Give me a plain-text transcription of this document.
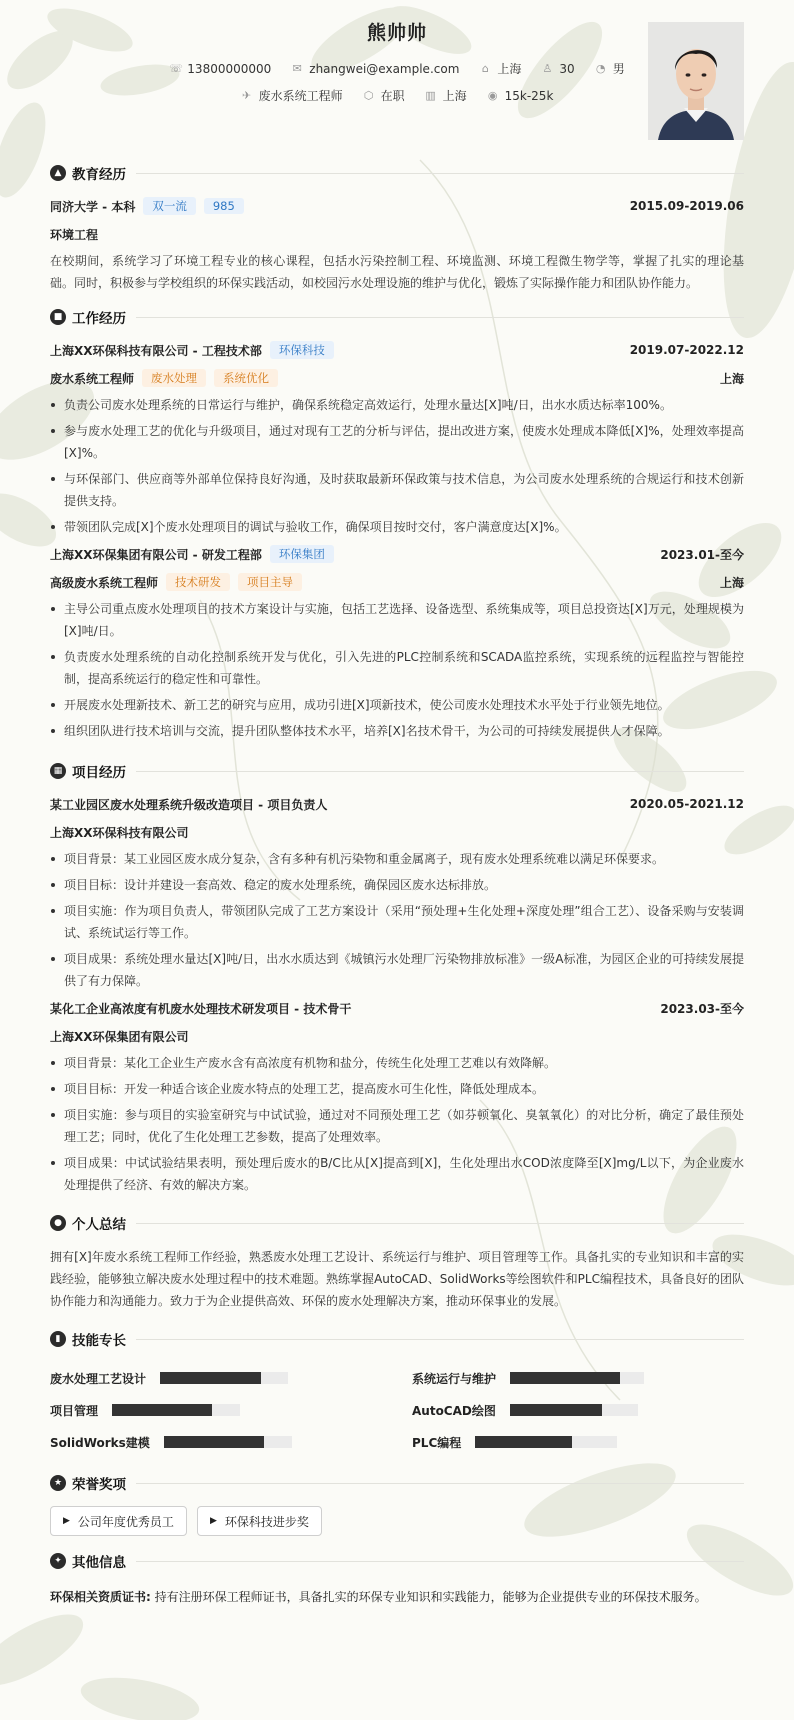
熊帅帅
☏ 13800000000 ✉ zhangwei@example.com ⌂ 上海 ♙ 30 ◔ 男
✈ 废水系统工程师 ⬡ 在职 ▥ 上海 ◉ 15k-25k
▲ 教育经历
同济大学 - 本科	双一流	985	2015.09-2019.06
环境工程

在校期间，系统学习了环境工程专业的核心课程，包括水污染控制工程、环境监测、环境工程微生物学等，掌握了扎实的理论基础。同时，积极参与学校组织的环保实践活动，如校园污水处理设施的维护与优化，锻炼了实际操作能力和团队协作能力。

■ 工作经历
上海XX环保科技有限公司 - 工程技术部	环保科技	2019.07-2022.12
废水系统工程师	废水处理	系统优化	上海
负责公司废水处理系统的日常运行与维护，确保系统稳定高效运行，处理水量达[X]吨/日，出水水质达标率100%。
参与废水处理工艺的优化与升级项目，通过对现有工艺的分析与评估，提出改进方案，使废水处理成本降低[X]%，处理效率提高[X]%。
与环保部门、供应商等外部单位保持良好沟通，及时获取最新环保政策与技术信息，为公司废水处理系统的合规运行和技术创新提供支持。
带领团队完成[X]个废水处理项目的调试与验收工作，确保项目按时交付，客户满意度达[X]%。
上海XX环保集团有限公司 - 研发工程部	环保集团	2023.01-至今
高级废水系统工程师	技术研发	项目主导	上海
主导公司重点废水处理项目的技术方案设计与实施，包括工艺选择、设备选型、系统集成等，项目总投资达[X]万元，处理规模为[X]吨/日。
负责废水处理系统的自动化控制系统开发与优化，引入先进的PLC控制系统和SCADA监控系统，实现系统的远程监控与智能控制，提高系统运行的稳定性和可靠性。
开展废水处理新技术、新工艺的研究与应用，成功引进[X]项新技术，使公司废水处理技术水平处于行业领先地位。
组织团队进行技术培训与交流，提升团队整体技术水平，培养[X]名技术骨干，为公司的可持续发展提供人才保障。
▦ 项目经历
某工业园区废水处理系统升级改造项目 - 项目负责人	2020.05-2021.12
上海XX环保科技有限公司
项目背景：某工业园区废水成分复杂，含有多种有机污染物和重金属离子，现有废水处理系统难以满足环保要求。
项目目标：设计并建设一套高效、稳定的废水处理系统，确保园区废水达标排放。
项目实施：作为项目负责人，带领团队完成了工艺方案设计（采用“预处理+生化处理+深度处理”组合工艺）、设备采购与安装调试、系统试运行等工作。
项目成果：系统处理水量达[X]吨/日，出水水质达到《城镇污水处理厂污染物排放标准》一级A标准，为园区企业的可持续发展提供了有力保障。
某化工企业高浓度有机废水处理技术研发项目 - 技术骨干	2023.03-至今
上海XX环保集团有限公司
项目背景：某化工企业生产废水含有高浓度有机物和盐分，传统生化处理工艺难以有效降解。
项目目标：开发一种适合该企业废水特点的处理工艺，提高废水可生化性，降低处理成本。
项目实施：参与项目的实验室研究与中试试验，通过对不同预处理工艺（如芬顿氧化、臭氧氧化）的对比分析，确定了最佳预处理工艺；同时，优化了生化处理工艺参数，提高了处理效率。
项目成果：中试试验结果表明，预处理后废水的B/C比从[X]提高到[X]，生化处理出水COD浓度降至[X]mg/L以下，为企业废水处理提供了经济、有效的解决方案。
● 个人总结

拥有[X]年废水系统工程师工作经验，熟悉废水处理工艺设计、系统运行与维护、项目管理等工作。具备扎实的专业知识和丰富的实践经验，能够独立解决废水处理过程中的技术难题。熟练掌握AutoCAD、SolidWorks等绘图软件和PLC编程技术，具备良好的团队协作能力和沟通能力。致力于为企业提供高效、环保的废水处理解决方案，推动环保事业的发展。

▮ 技能专长
废水处理工艺设计	系统运行与维护
项目管理	AutoCAD绘图
SolidWorks建模	PLC编程
★ 荣誉奖项
▶ 公司年度优秀员工	▶ 环保科技进步奖
✦ 其他信息

环保相关资质证书: 持有注册环保工程师证书，具备扎实的环保专业知识和实践能力，能够为企业提供专业的环保技术服务。
